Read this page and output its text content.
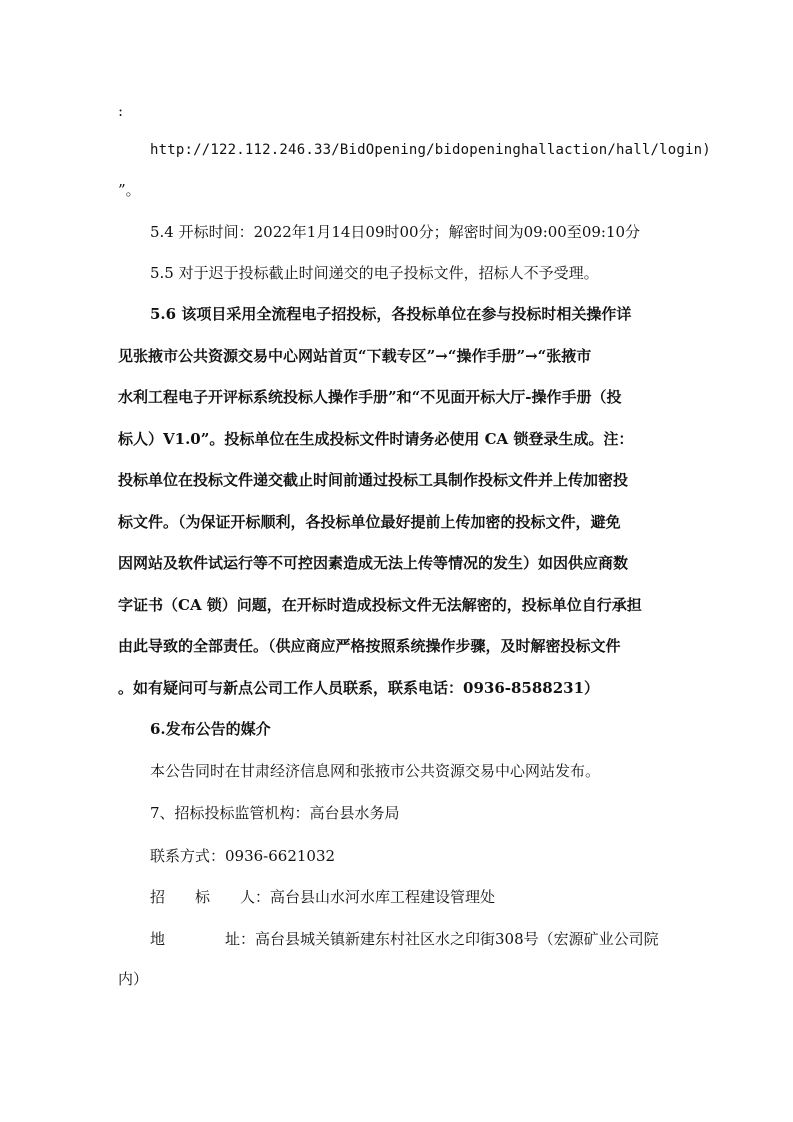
:
http://122.112.246.33/BidOpening/bidopeninghallaction/hall/login)
”。
5.4 开标时间：2022年1月14日09时00分；解密时间为09:00至09:10分
5.5 对于迟于投标截止时间递交的电子投标文件，招标人不予受理。
5.6 该项目采用全流程电子招投标，各投标单位在参与投标时相关操作详
见张掖市公共资源交易中心网站首页“下载专区”→“操作手册”→“张掖市
水利工程电子开评标系统投标人操作手册”和“不见面开标大厅-操作手册（投
标人）V1.0”。投标单位在生成投标文件时请务必使用 CA 锁登录生成。注：
投标单位在投标文件递交截止时间前通过投标工具制作投标文件并上传加密投
标文件。（为保证开标顺利，各投标单位最好提前上传加密的投标文件，避免
因网站及软件试运行等不可控因素造成无法上传等情况的发生）如因供应商数
字证书（CA 锁）问题，在开标时造成投标文件无法解密的，投标单位自行承担
由此导致的全部责任。（供应商应严格按照系统操作步骤，及时解密投标文件
。如有疑问可与新点公司工作人员联系，联系电话：0936-8588231）
6.发布公告的媒介
本公告同时在甘肃经济信息网和张掖市公共资源交易中心网站发布。
7、招标投标监管机构：高台县水务局
联系方式：0936-6621032
招 标 人：高台县山水河水库工程建设管理处
地	址：高台县城关镇新建东村社区水之印街308号（宏源矿业公司院
内）
